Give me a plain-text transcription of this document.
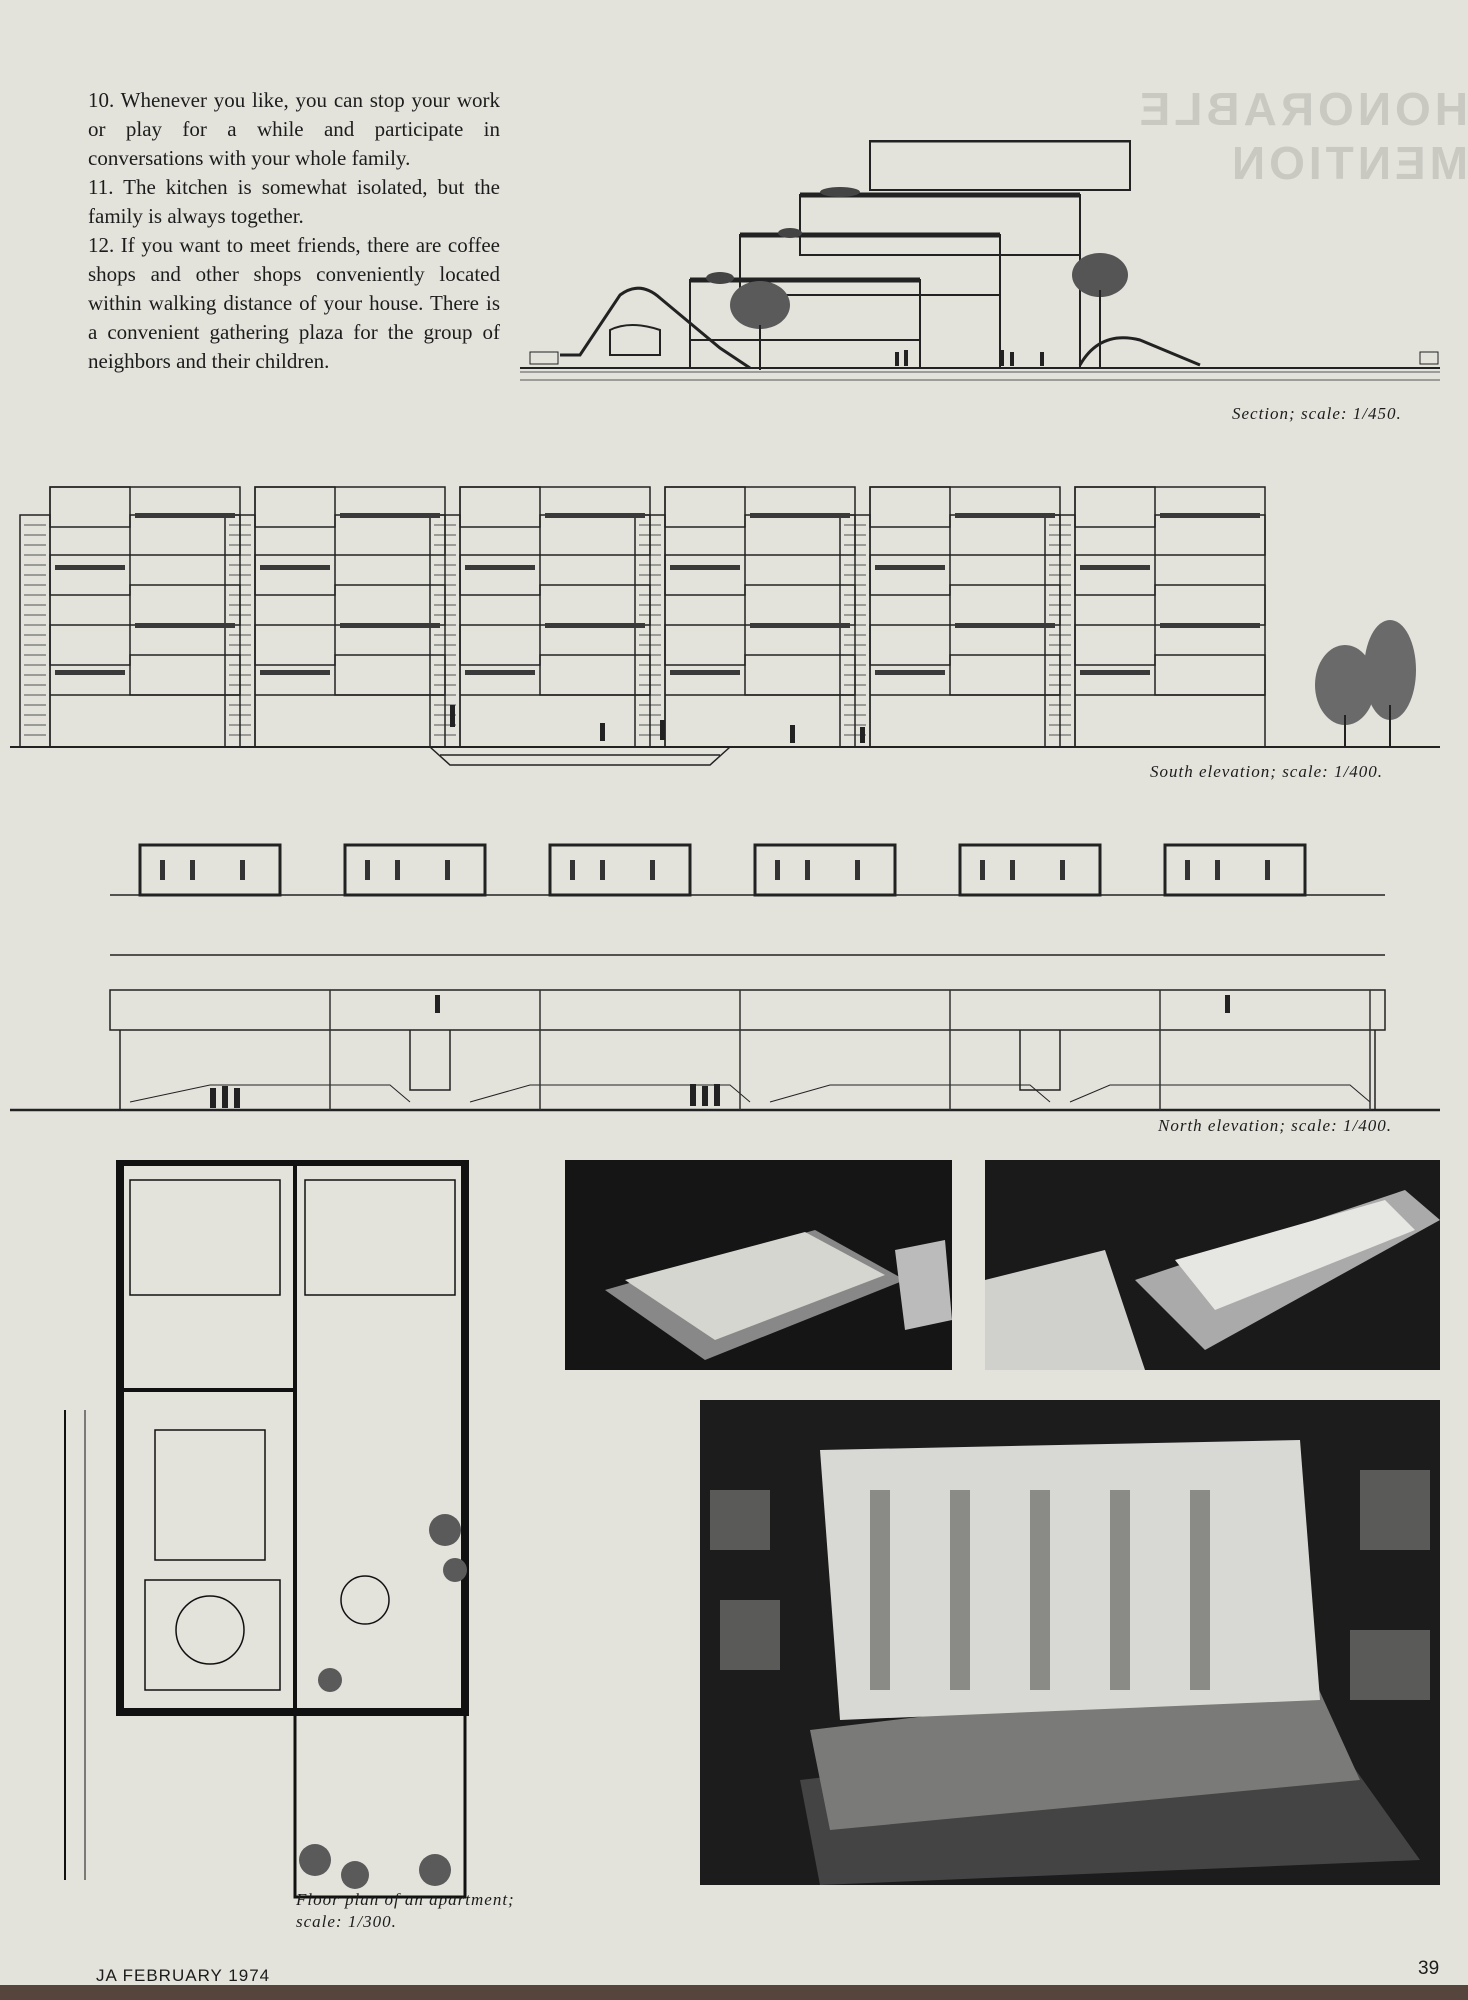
HONORABLE MENTION

10. Whenever you like, you can stop your work or play for a while and participate in conversations with your whole family.

11. The kitchen is somewhat isolated, but the family is always together.

12. If you want to meet friends, there are coffee shops and other shops conveniently located within walking distance of your house. There is a convenient gathering plaza for the group of neighbors and their children.

Section; scale: 1/450.
South elevation; scale: 1/400.
North elevation; scale: 1/400.
Floor plan of an apartment;
scale: 1/300.
JA FEBRUARY 1974	39
